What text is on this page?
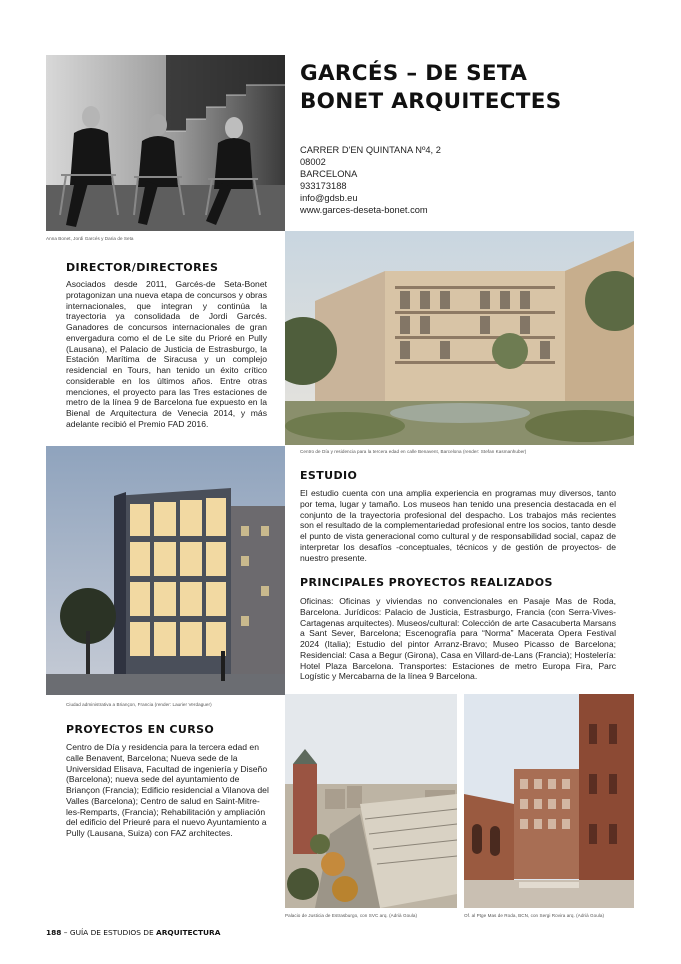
Anna Bonet, Jordi Garcés y Daria de Seta
GARCÉS – DE SETA
BONET ARQUITECTES
CARRER D'EN QUINTANA Nº4, 2
08002
BARCELONA
933173188
info@gdsb.eu
www.garces-deseta-bonet.com
Centro de Día y residencia para la tercera edad en calle Benavent, Barcelona (render: Stefan Kasmanhuber)
DIRECTOR/DIRECTORES

Asociados desde 2011, Garcés-de Seta-Bonet protagonizan una nueva etapa de concursos y obras internacionales, que integran y continúa la trayectoria ya consolidada de Jordi Garcés. Ganadores de concursos internacionales de gran envergadura como el de Le site du Prioré en Pully (Lausana), el Palacio de Justicia de Estrasburgo, la Estación Marítima de Siracusa y un complejo residencial en Tours, han tenido un éxito crítico considerable en los últimos años. Entre otras menciones, el proyecto para las Tres estaciones de metro de la línea 9 de Barcelona fue expuesto en la Bienal de Arquitectura de Venecia 2014, y más adelante recibió el Premio FAD 2016.

Ciudad administrativa a Briançon, Francia (render: Laurier Verdaguer)
ESTUDIO

El estudio cuenta con una amplia experiencia en programas muy diversos, tanto por tema, lugar y tamaño. Los museos han tenido una presencia destacada en el conjunto de la trayectoria profesional del despacho. Los trabajos más recientes son el resultado de la complementariedad profesional entre los socios, tanto desde el punto de vista generacional como cultural y de responsabilidad social, capaz de interpretar los desafíos -conceptuales, técnicos y de gestión de proyectos- de nuestro presente.

PRINCIPALES PROYECTOS REALIZADOS

Oficinas: Oficinas y viviendas no convencionales en Pasaje Mas de Roda, Barcelona. Jurídicos: Palacio de Justicia, Estrasburgo, Francia (con Serra-Vives-Cartagenas arquitectes). Museos/cultural: Colección de arte Casacuberta Marsans a Sant Sever, Barcelona; Escenografía para “Norma” Macerata Opera Festival 2024 (Italia); Estudio del pintor Arranz-Bravo; Museo Picasso de Barcelona; Residencial: Casa a Begur (Girona), Casa en Villard-de-Lans (Francia); Hostelería: Hotel Plaza Barcelona. Transportes: Estaciones de metro Europa Fira, Parc Logístic y Mercabarna de la línea 9 Barcelona.

PROYECTOS EN CURSO

Centro de Día y residencia para la tercera edad en calle Benavent, Barcelona; Nueva sede de la Universidad Elisava, Facultad de ingeniería y Diseño (Barcelona); nueva sede del ayuntamiento de Briançon (Francia); Edificio residencial a Vilanova del Valles (Barcelona); Centro de salud en Saint-Mitre-les-Remparts, (Francia); Rehabilitación y ampliación del edificio del Prieuré para el nuevo Ayuntamiento a Pully (Lausana, Suiza) con FAZ architectes.

Palacio de Justicia de Estrasburgo, con SVC arq. (Adrià Goula)	Of. al Ptge Mas de Roda, BCN, con Sergi Rovira arq. (Adrià Goula)
188 – GUÍA DE ESTUDIOS DE ARQUITECTURA
